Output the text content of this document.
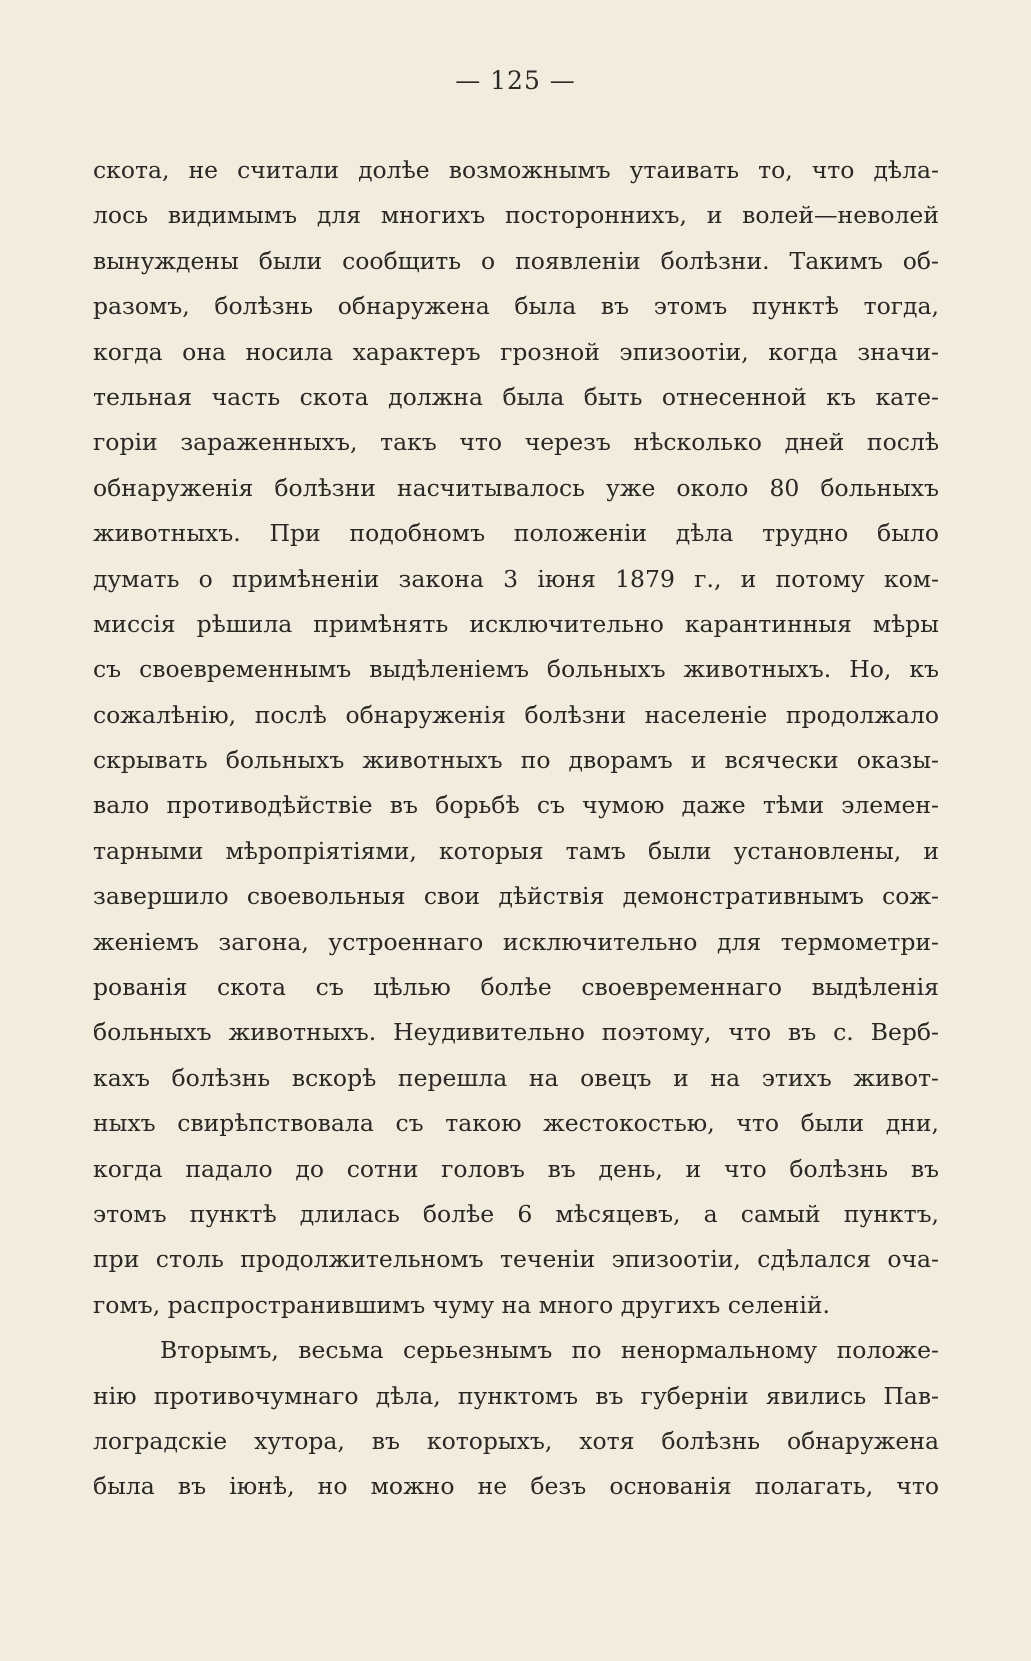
— 125 —
скота, не считали долѣе возможнымъ утаивать то, что дѣла-
лось видимымъ для многихъ постороннихъ, и волей—неволей
вынуждены были сообщить о появленіи болѣзни. Такимъ об-
разомъ, болѣзнь обнаружена была въ этомъ пунктѣ тогда,
когда она носила характеръ грозной эпизоотіи, когда значи-
тельная часть скота должна была быть отнесенной къ кате-
горіи зараженныхъ, такъ что черезъ нѣсколько дней послѣ
обнаруженія болѣзни насчитывалось уже около 80 больныхъ
животныхъ. При подобномъ положеніи дѣла трудно было
думать о примѣненіи закона 3 іюня 1879 г., и потому ком-
миссія рѣшила примѣнять исключительно карантинныя мѣры
съ своевременнымъ выдѣленіемъ больныхъ животныхъ. Но, къ
сожалѣнію, послѣ обнаруженія болѣзни населеніе продолжало
скрывать больныхъ животныхъ по дворамъ и всячески оказы-
вало противодѣйствіе въ борьбѣ съ чумою даже тѣми элемен-
тарными мѣропріятіями, которыя тамъ были установлены, и
завершило своевольныя свои дѣйствія демонстративнымъ сож-
женіемъ загона, устроеннаго исключительно для термометри-
рованія скота съ цѣлью болѣе своевременнаго выдѣленія
больныхъ животныхъ. Неудивительно поэтому, что въ с. Верб-
кахъ болѣзнь вскорѣ перешла на овецъ и на этихъ живот-
ныхъ свирѣпствовала съ такою жестокостью, что были дни,
когда падало до сотни головъ въ день, и что болѣзнь въ
этомъ пунктѣ длилась болѣе 6 мѣсяцевъ, а самый пунктъ,
при столь продолжительномъ теченіи эпизоотіи, сдѣлался оча-
гомъ, распространившимъ чуму на много другихъ селеній.
Вторымъ, весьма серьезнымъ по ненормальному положе-
нію противочумнаго дѣла, пунктомъ въ губерніи явились Пав-
лоградскіе хутора, въ которыхъ, хотя болѣзнь обнаружена
была въ іюнѣ, но можно не безъ основанія полагать, что
